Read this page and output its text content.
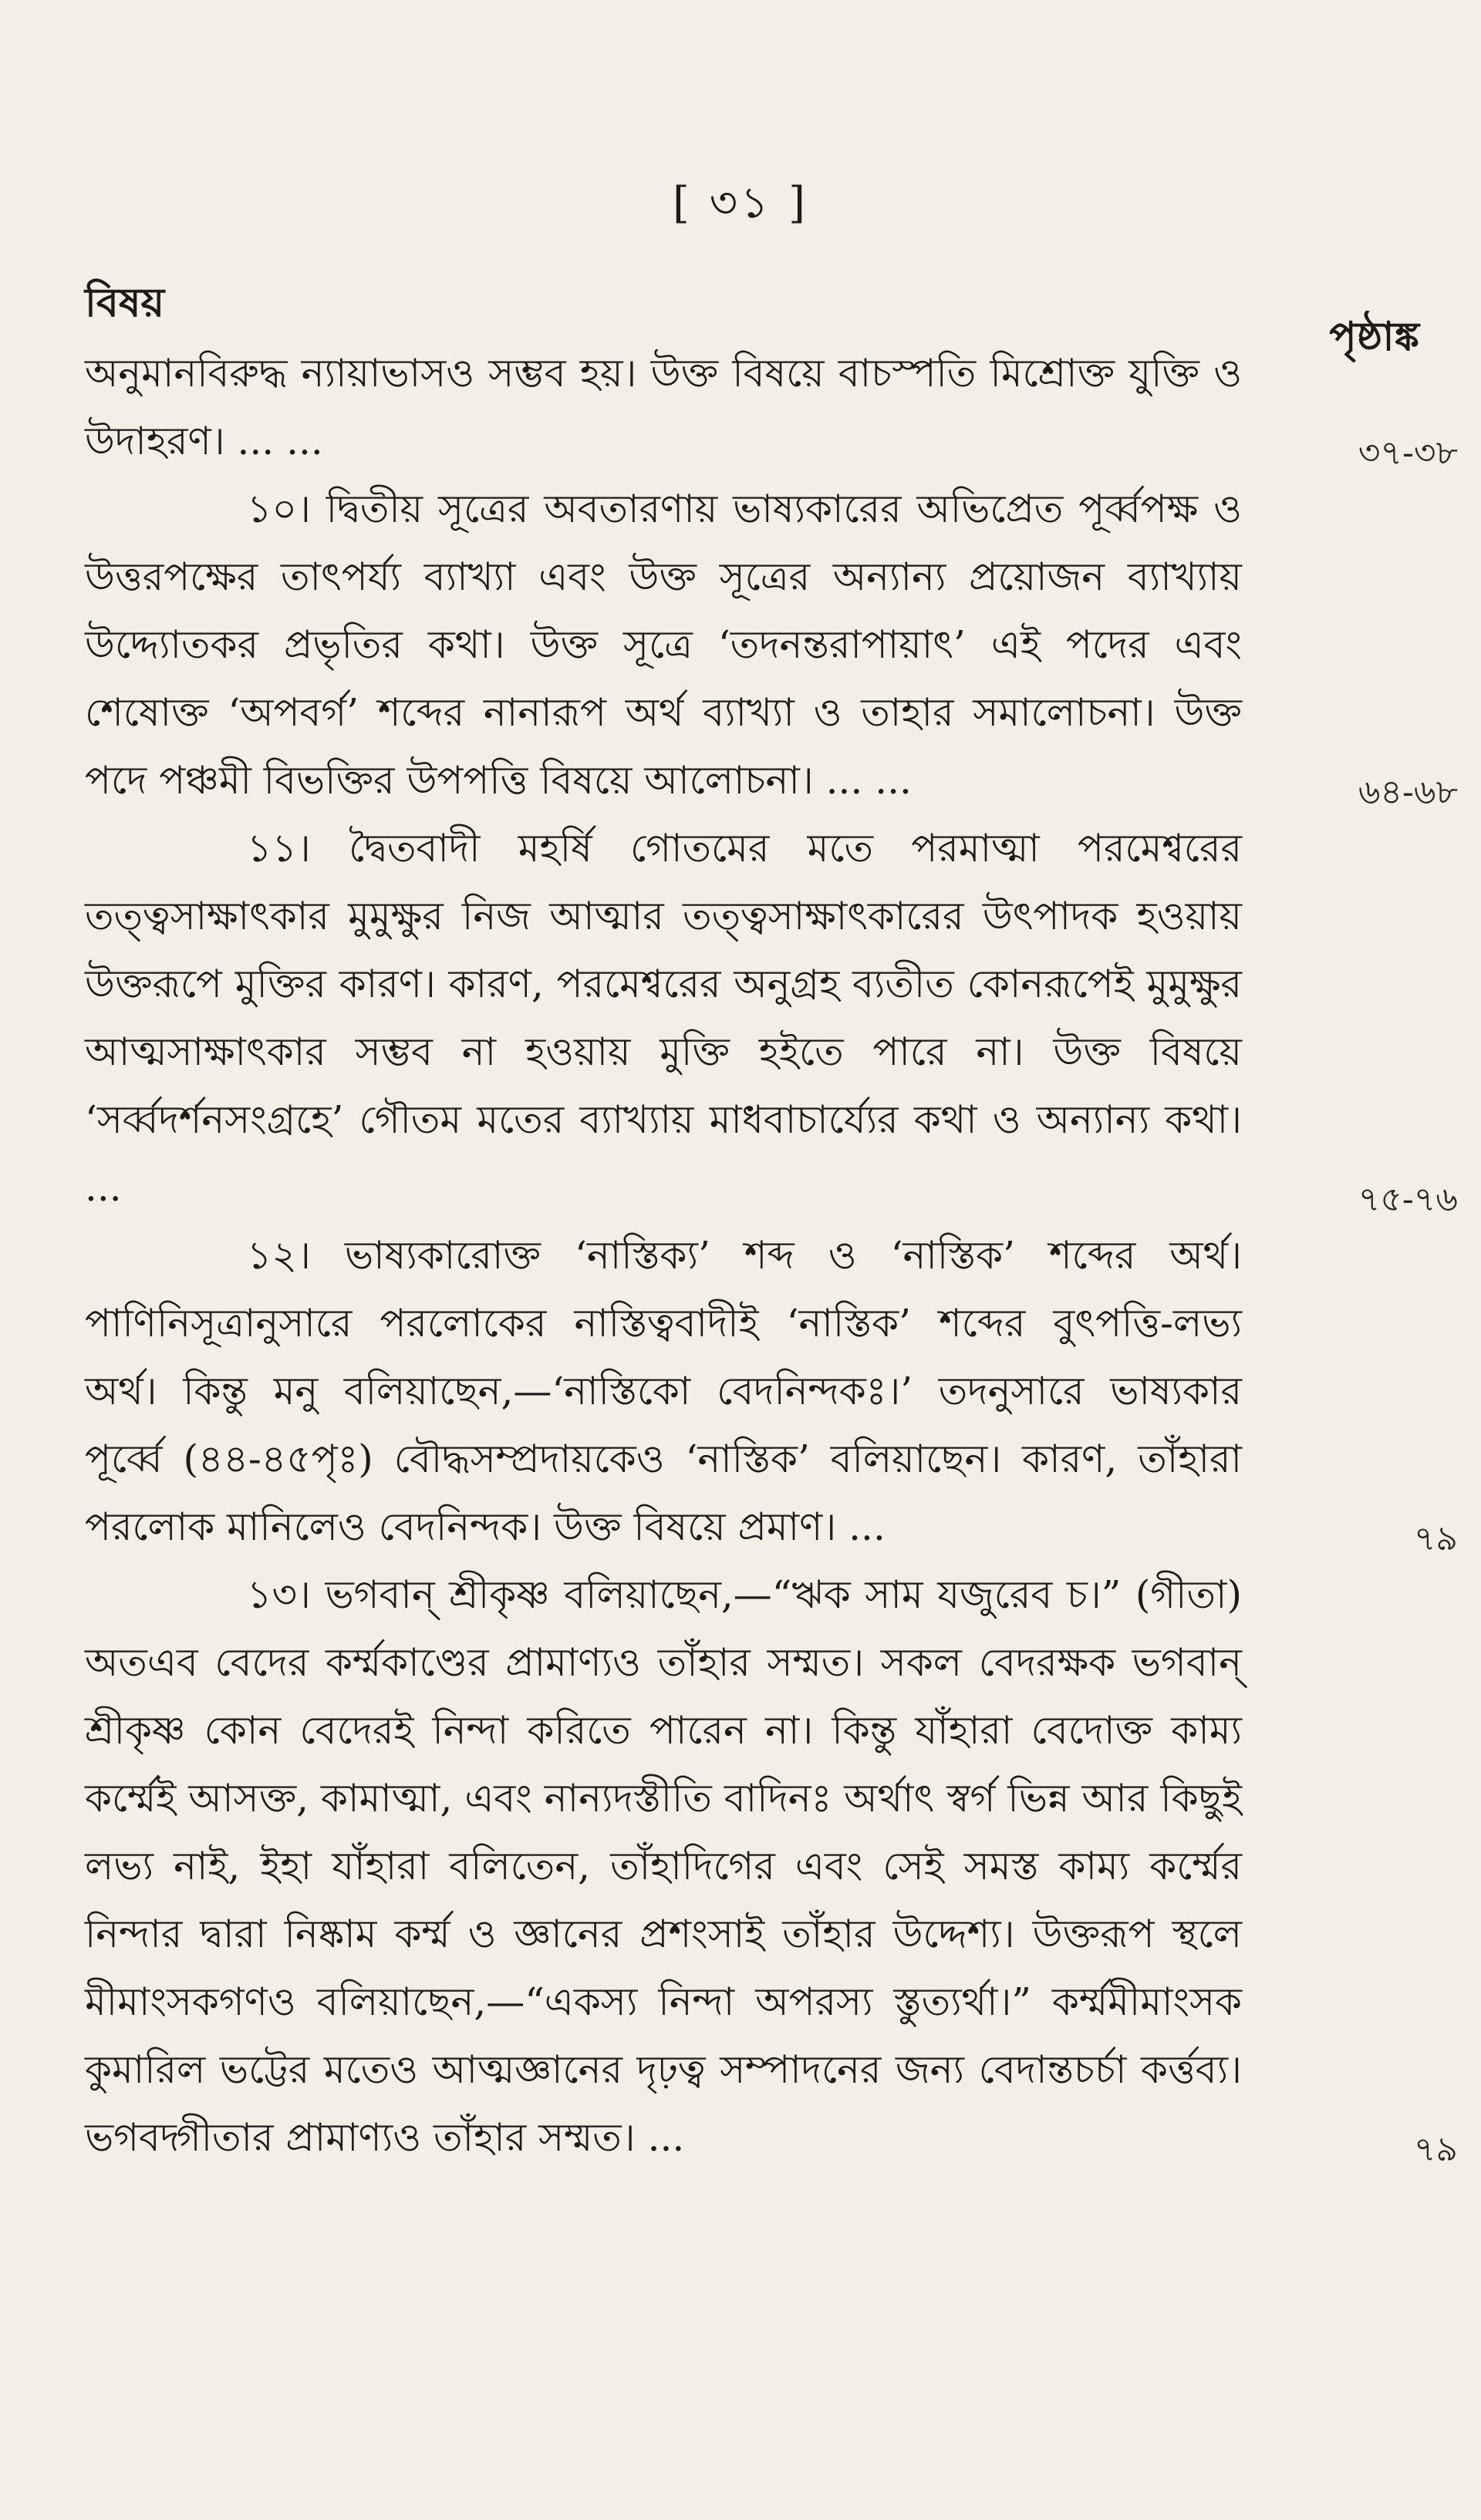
[ ৩১ ]
বিষয়
পৃষ্ঠাঙ্ক
অনুমানবিরুদ্ধ ন্যায়াভাসও সম্ভব হয়। উক্ত বিষয়ে বাচস্পতি মিশ্রোক্ত যুক্তি ও উদাহরণ। ... ...	৩৭-৩৮
১০। দ্বিতীয় সূত্রের অবতারণায় ভাষ্যকারের অভিপ্রেত পূর্ব্বপক্ষ ও উত্তরপক্ষের তাৎপর্য্য ব্যাখ্যা এবং উক্ত সূত্রের অন্যান্য প্রয়োজন ব্যাখ্যায় উদ্দ্যোতকর প্রভৃতির কথা। উক্ত সূত্রে ‘তদনন্তরাপায়াৎ’ এই পদের এবং শেষোক্ত ‘অপবর্গ’ শব্দের নানারূপ অর্থ ব্যাখ্যা ও তাহার সমালোচনা। উক্ত পদে পঞ্চমী বিভক্তির উপপত্তি বিষয়ে আলোচনা। ... ...	৬৪-৬৮
১১। দ্বৈতবাদী মহর্ষি গোতমের মতে পরমাত্মা পরমেশ্বরের তত্ত্বসাক্ষাৎকার মুমুক্ষুর নিজ আত্মার তত্ত্বসাক্ষাৎকারের উৎপাদক হওয়ায় উক্তরূপে মুক্তির কারণ। কারণ, পরমেশ্বরের অনুগ্রহ ব্যতীত কোনরূপেই মুমুক্ষুর আত্মসাক্ষাৎকার সম্ভব না হওয়ায় মুক্তি হইতে পারে না। উক্ত বিষয়ে ‘সর্ব্বদর্শনসংগ্রহে’ গৌতম মতের ব্যাখ্যায় মাধবাচার্য্যের কথা ও অন্যান্য কথা। ...	৭৫-৭৬
১২। ভাষ্যকারোক্ত ‘নাস্তিক্য’ শব্দ ও ‘নাস্তিক’ শব্দের অর্থ। পাণিনিসূত্রানুসারে পরলোকের নাস্তিত্ববাদীই ‘নাস্তিক’ শব্দের বুৎপত্তি-লভ্য অর্থ। কিন্তু মনু বলিয়াছেন,—‘নাস্তিকো বেদনিন্দকঃ।’ তদনুসারে ভাষ্যকার পূর্ব্বে (৪৪-৪৫পৃঃ) বৌদ্ধসম্প্রদায়কেও ‘নাস্তিক’ বলিয়াছেন। কারণ, তাঁহারা পরলোক মানিলেও বেদনিন্দক। উক্ত বিষয়ে প্রমাণ। ...	৭৯
১৩। ভগবান্ শ্রীকৃষ্ণ বলিয়াছেন,—“ঋক সাম যজুরেব চ।” (গীতা) অতএব বেদের কর্ম্মকাণ্ডের প্রামাণ্যও তাঁহার সম্মত। সকল বেদরক্ষক ভগবান্ শ্রীকৃষ্ণ কোন বেদেরই নিন্দা করিতে পারেন না। কিন্তু যাঁহারা বেদোক্ত কাম্য কর্ম্মেই আসক্ত, কামাত্মা, এবং নান্যদস্তীতি বাদিনঃ অর্থাৎ স্বর্গ ভিন্ন আর কিছুই লভ্য নাই, ইহা যাঁহারা বলিতেন, তাঁহাদিগের এবং সেই সমস্ত কাম্য কর্ম্মের নিন্দার দ্বারা নিষ্কাম কর্ম্ম ও জ্ঞানের প্রশংসাই তাঁহার উদ্দেশ্য। উক্তরূপ স্থলে মীমাংসকগণও বলিয়াছেন,—“একস্য নিন্দা অপরস্য স্তুত্যর্থা।” কর্ম্মমীমাংসক কুমারিল ভট্টের মতেও আত্মজ্ঞানের দৃঢ়ত্ব সম্পাদনের জন্য বেদান্তচর্চা কর্ত্তব্য। ভগবদ্গীতার প্রামাণ্যও তাঁহার সম্মত। ...	৭৯
